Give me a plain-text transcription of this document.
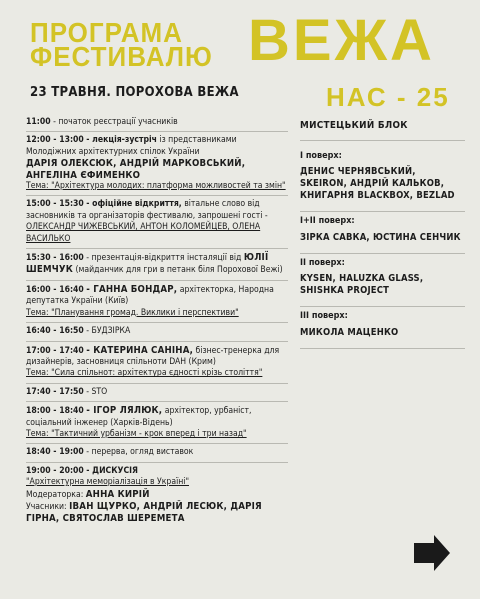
ПРОГРАМА
ФЕСТИВАЛЮ ВЕЖА
НАС - 25
23 ТРАВНЯ. ПОРОХОВА ВЕЖА
11:00 - початок реєстрації учасників
12:00 - 13:00 - лекція-зустріч із представниками Молодіжних архітектурних спілок України
ДАРІЯ ОЛЕКСЮК, АНДРІЙ МАРКОВСЬКИЙ, АНГЕЛІНА ЄФИМЕНКО
Тема: "Архітектура молодих: платформа можливостей та змін"
15:00 - 15:30 - офіційне відкриття, вітальне слово від засновників та організаторів фестивалю, запрошені гості - ОЛЕКСАНДР ЧИЖЕВСЬКИЙ, АНТОН КОЛОМЕЙЦЕВ, ОЛЕНА ВАСИЛЬКО
15:30 - 16:00 - презентація-відкриття інсталяції від ЮЛІЇ ШЕМЧУК (майданчик для гри в петанк біля Порохової Вежі)
16:00 - 16:40 - ГАННА БОНДАР, архітекторка, Народна депутатка України (Київ)
Тема: "Планування громад. Виклики і перспективи"
16:40 - 16:50 - БУДЗІРКА
17:00 - 17:40 - КАТЕРИНА САНІНА, бізнес-тренерка для дизайнерів, засновниця спільноти DAH (Крим)
Тема: "Сила спільнот: архітектура єдності крізь століття"
17:40 - 17:50 - STO
18:00 - 18:40 - ІГОР ЛЯЛЮК, архітектор, урбаніст, соціальний інженер (Харків-Відень)
Тема: "Тактичний урбанізм - крок вперед і три назад"
18:40 - 19:00 - перерва, огляд виставок
19:00 - 20:00 - ДИСКУСІЯ
"Архітектурна меморіалізація в Україні"
Модераторка: АННА КИРІЙ
Учасники: ІВАН ЩУРКО, АНДРІЙ ЛЕСЮК, ДАРІЯ ГІРНА, СВЯТОСЛАВ ШЕРЕМЕТА
МИСТЕЦЬКИЙ БЛОК
I поверх:
ДЕНИС ЧЕРНЯВСЬКИЙ, SKEIRON, АНДРІЙ КАЛЬКОВ, КНИГАРНЯ BLACKBOX, BEZLAD
I+II поверх:
ЗІРКА САВКА, ЮСТИНА СЕНЧИК
II поверх:
KYSEN, HALUZKA GLASS, SHISHKA PROJECT
III поверх:
МИКОЛА МАЦЕНКО
